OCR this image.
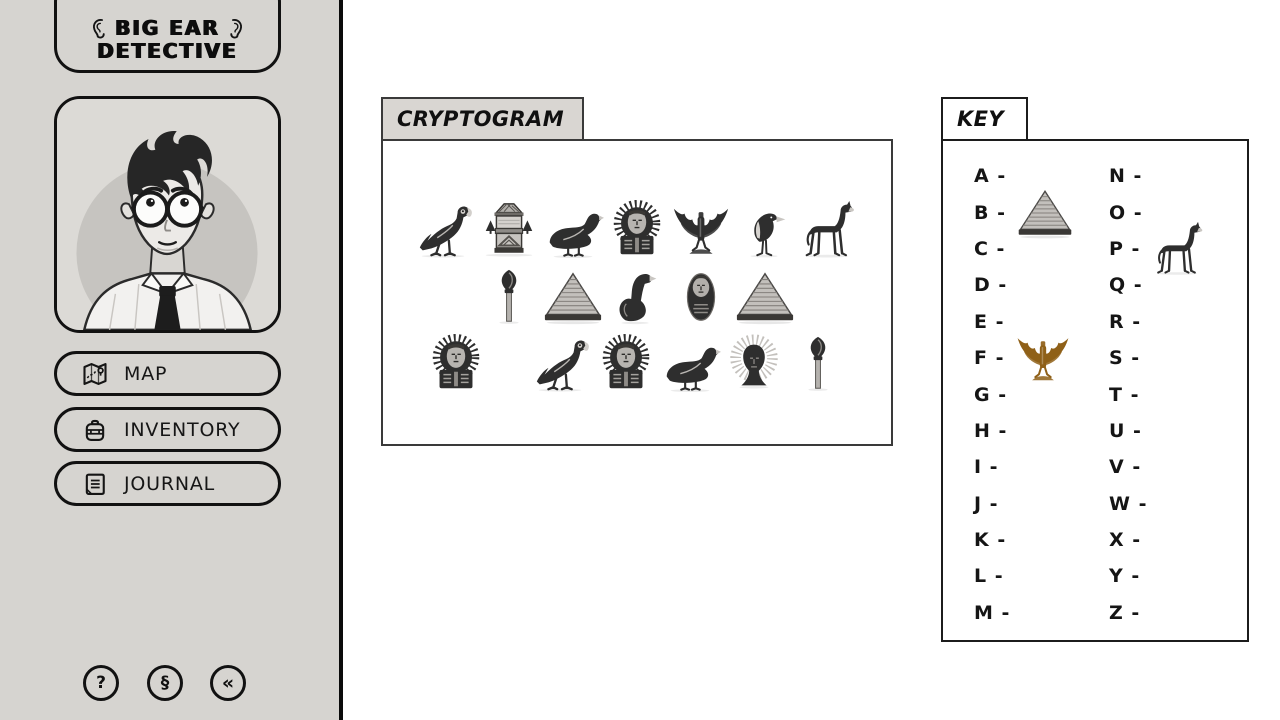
BIG EAR
DETECTIVE
MAP
INVENTORY
JOURNAL
?	§	«
CRYPTOGRAM	KEY
A -
B -
C -
D -
E -
F -
G -
H -
I -
J -
K -
L -
M -
N -
O -
P -
Q -
R -
S -
T -
U -
V -
W -
X -
Y -
Z -
